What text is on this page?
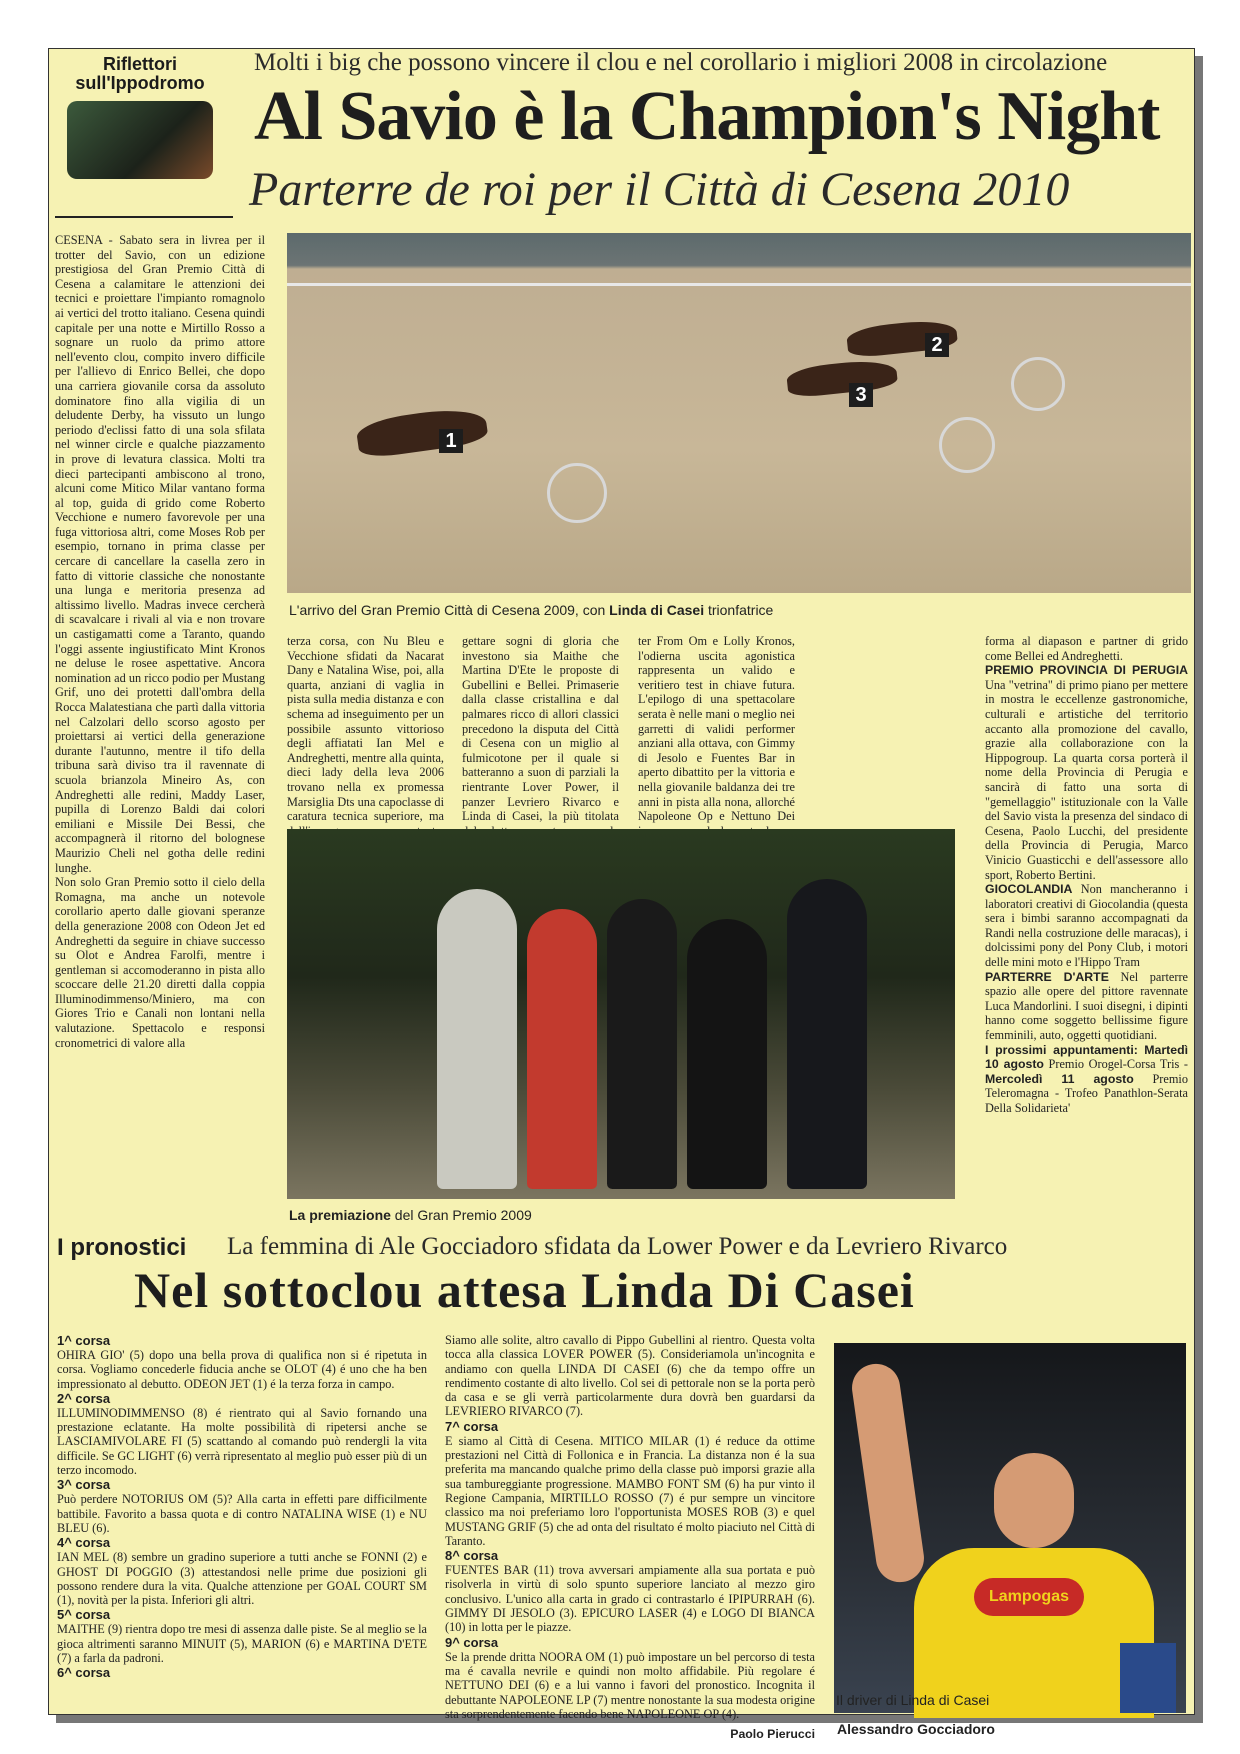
Riflettori
sull'Ippodromo
Molti i big che possono vincere il clou e nel corollario i migliori 2008 in circolazione
Al Savio è la Champion's Night
Parterre de roi per il Città di Cesena 2010
CESENA - Sabato sera in livrea per il trotter del Savio, con un edizione prestigiosa del Gran Premio Città di Cesena a calamitare le attenzioni dei tecnici e proiettare l'impianto romagnolo ai vertici del trotto italiano. Cesena quindi capitale per una notte e Mirtillo Rosso a sognare un ruolo da primo attore nell'evento clou, compito invero difficile per l'allievo di Enrico Bellei, che dopo una carriera giovanile corsa da assoluto dominatore fino alla vigilia di un deludente Derby, ha vissuto un lungo periodo d'eclissi fatto di una sola sfilata nel winner circle e qualche piazzamento in prove di levatura classica. Molti tra dieci partecipanti ambiscono al trono, alcuni come Mitico Milar vantano forma al top, guida di grido come Roberto Vecchione e numero favorevole per una fuga vittoriosa altri, come Moses Rob per esempio, tornano in prima classe per cercare di cancellare la casella zero in fatto di vittorie classiche che nonostante una lunga e meritoria presenza ad altissimo livello. Madras invece cercherà di scavalcare i rivali al via e non trovare un castigamatti come a Taranto, quando l'oggi assente ingiustificato Mint Kronos ne deluse le rosee aspettative. Ancora nomination ad un ricco podio per Mustang Grif, uno dei protetti dall'ombra della Rocca Malatestiana che partì dalla vittoria nel Calzolari dello scorso agosto per proiettarsi ai vertici della generazione durante l'autunno, mentre il tifo della tribuna sarà diviso tra il ravennate di scuola brianzola Mineiro As, con Andreghetti alle redini, Maddy Laser, pupilla di Lorenzo Baldi dai colori emiliani e Missile Dei Bessi, che accompagnerà il ritorno del bolognese Maurizio Cheli nel gotha delle redini lunghe.
Non solo Gran Premio sotto il cielo della Romagna, ma anche un notevole corollario aperto dalle giovani speranze della generazione 2008 con Odeon Jet ed Andreghetti da seguire in chiave successo su Olot e Andrea Farolfi, mentre i gentleman si accomoderanno in pista allo scoccare delle 21.20 diretti dalla coppia Illuminodimmenso/Miniero, ma con Giores Trio e Canali non lontani nella valutazione. Spettacolo e responsi cronometrici di valore alla
1
2
3
L'arrivo del Gran Premio Città di Cesena 2009, con Linda di Casei trionfatrice
terza corsa, con Nu Bleu e Vecchione sfidati da Nacarat Dany e Natalina Wise, poi, alla quarta, anziani di vaglia in pista sulla media distanza e con schema ad inseguimento per un possibile assunto vittorioso degli affiatati Ian Mel e Andreghetti, mentre alla quinta, dieci lady della leva 2006 trovano nella ex promessa Marsiglia Dts una capoclasse di caratura tecnica superiore, ma
gettare sogni di gloria che investono sia Maithe che Martina D'Ete le proposte di Gubellini e Bellei. Primaserie dalla classe cristallina e dal palmares ricco di allori classici precedono la disputa del Città di Cesena con un miglio al fulmicotone per il quale si batteranno a suon di parziali la rientrante Lover Power, il panzer Levriero Rivarco e Linda di Casei, la più titolata
ter From Om e Lolly Kronos, l'odierna uscita agonistica rappresenta un valido e veritiero test in chiave futura. L'epilogo di una spettacolare serata è nelle mani o meglio nei garretti di validi performer anziani alla ottava, con Gimmy di Jesolo e Fuentes Bar in aperto dibattito per la vittoria e nella giovanile baldanza dei tre anni in pista alla nona, allorché Napoleone Op e Nettuno Dei
forma al diapason e partner di grido come Bellei ed Andreghetti.
PREMIO PROVINCIA DI PERUGIA Una "vetrina" di primo piano per mettere in mostra le eccellenze gastronomiche, culturali e artistiche del territorio accanto alla promozione del cavallo, grazie alla collaborazione con la Hippogroup. La quarta corsa porterà il nome della Provincia di Perugia e sancirà di fatto una sorta di "gemellaggio" istituzionale con la Valle del Savio vista la presenza del sindaco di Cesena, Paolo Lucchi, del presidente della Provincia di Perugia, Marco Vinicio Guasticchi e dell'assessore allo sport, Roberto Bertini.
GIOCOLANDIA Non mancheranno i laboratori creativi di Giocolandia (questa sera i bimbi saranno accompagnati da Randi nella costruzione delle maracas), i dolcissimi pony del Pony Club, i motori delle mini moto e l'Hippo Tram
PARTERRE D'ARTE Nel parterre spazio alle opere del pittore ravennate Luca Mandorlini. I suoi disegni, i dipinti hanno come soggetto bellissime figure femminili, auto, oggetti quotidiani.
I prossimi appuntamenti: Martedì 10 agosto Premio Orogel-Corsa Tris - Mercoledì 11 agosto Premio Teleromagna - Trofeo Panathlon-Serata Della Solidarieta'
La premiazione del Gran Premio 2009
I pronostici La femmina di Ale Gocciadoro sfidata da Lower Power e da Levriero Rivarco
Nel sottoclou attesa Linda Di Casei
1^ corsa
OHIRA GIO' (5) dopo una bella prova di qualifica non si é ripetuta in corsa. Vogliamo concederle fiducia anche se OLOT (4) é uno che ha ben impressionato al debutto. ODEON JET (1) é la terza forza in campo.
2^ corsa
ILLUMINODIMMENSO (8) é rientrato qui al Savio fornando una prestazione eclatante. Ha molte possibilità di ripetersi anche se LASCIAMIVOLARE FI (5) scattando al comando può rendergli la vita difficile. Se GC LIGHT (6) verrà ripresentato al meglio può esser più di un terzo incomodo.
3^ corsa
Può perdere NOTORIUS OM (5)? Alla carta in effetti pare difficilmente battibile. Favorito a bassa quota e di contro NATALINA WISE (1) e NU BLEU (6).
4^ corsa
IAN MEL (8) sembre un gradino superiore a tutti anche se FONNI (2) e GHOST DI POGGIO (3) attestandosi nelle prime due posizioni gli possono rendere dura la vita. Qualche attenzione per GOAL COURT SM (1), novità per la pista. Inferiori gli altri.
5^ corsa
MAITHE (9) rientra dopo tre mesi di assenza dalle piste. Se al meglio se la gioca altrimenti saranno MINUIT (5), MARION (6) e MARTINA D'ETE (7) a farla da padroni.
6^ corsa
Siamo alle solite, altro cavallo di Pippo Gubellini al rientro. Questa volta tocca alla classica LOVER POWER (5). Consideriamola un'incognita e andiamo con quella LINDA DI CASEI (6) che da tempo offre un rendimento costante di alto livello. Col sei di pettorale non se la porta però da casa e se gli verrà particolarmente dura dovrà ben guardarsi da LEVRIERO RIVARCO (7).
7^ corsa
E siamo al Città di Cesena. MITICO MILAR (1) é reduce da ottime prestazioni nel Città di Follonica e in Francia. La distanza non é la sua preferita ma mancando qualche primo della classe può imporsi grazie alla sua tambureggiante progressione. MAMBO FONT SM (6) ha pur vinto il Regione Campania, MIRTILLO ROSSO (7) é pur sempre un vincitore classico ma noi preferiamo loro l'opportunista MOSES ROB (3) e quel MUSTANG GRIF (5) che ad onta del risultato é molto piaciuto nel Città di Taranto.
8^ corsa
FUENTES BAR (11) trova avversari ampiamente alla sua portata e può risolverla in virtù di solo spunto superiore lanciato al mezzo giro conclusivo. L'unico alla carta in grado ci contrastarlo é IPIPURRAH (6). GIMMY DI JESOLO (3). EPICURO LASER (4) e LOGO DI BIANCA (10) in lotta per le piazze.
9^ corsa
Se la prende dritta NOORA OM (1) può impostare un bel percorso di testa ma é cavalla nevrile e quindi non molto affidabile. Più regolare é NETTUNO DEI (6) e a lui vanno i favori del pronostico. Incognita il debuttante NAPOLEONE LP (7) mentre nonostante la sua modesta origine sta sorprendentemente facendo bene NAPOLEONE OP (4).
Paolo Pierucci
Lampogas
Alessandro Gocciadoro
Il driver di Linda di Casei
